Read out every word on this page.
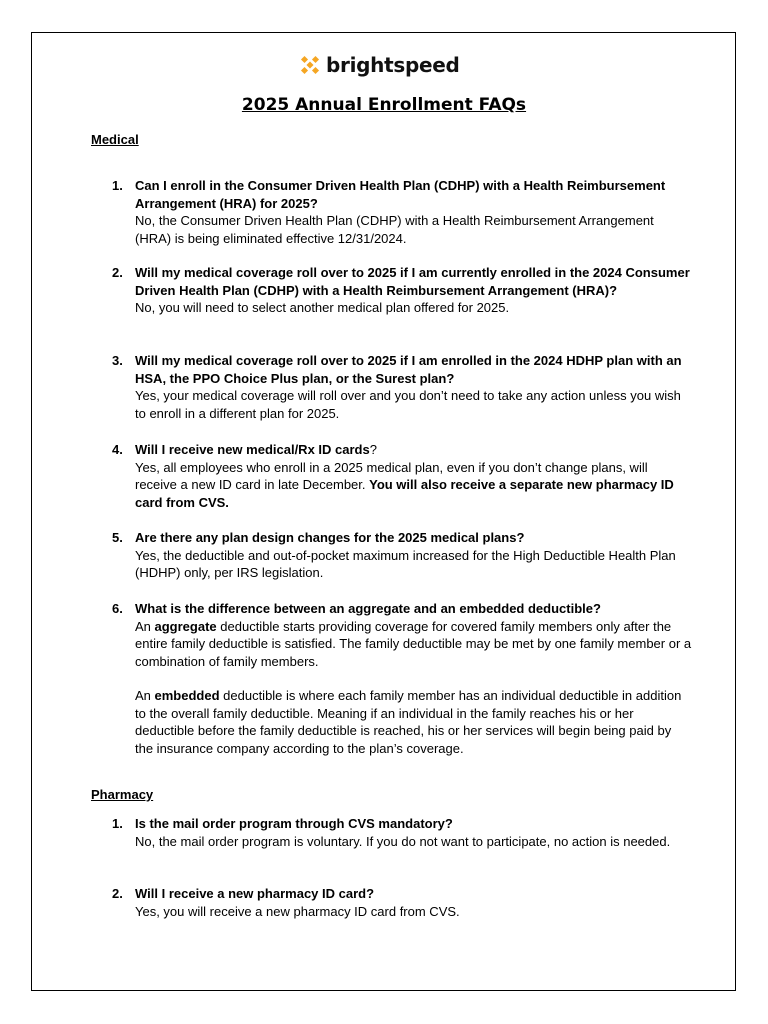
brightspeed
2025 Annual Enrollment FAQs
Medical
1. Can I enroll in the Consumer Driven Health Plan (CDHP) with a Health Reimbursement Arrangement (HRA) for 2025?
No, the Consumer Driven Health Plan (CDHP) with a Health Reimbursement Arrangement (HRA) is being eliminated effective 12/31/2024.
2. Will my medical coverage roll over to 2025 if I am currently enrolled in the 2024 Consumer Driven Health Plan (CDHP) with a Health Reimbursement Arrangement (HRA)?
No, you will need to select another medical plan offered for 2025.
3. Will my medical coverage roll over to 2025 if I am enrolled in the 2024 HDHP plan with an HSA, the PPO Choice Plus plan, or the Surest plan?
Yes, your medical coverage will roll over and you don’t need to take any action unless you wish to enroll in a different plan for 2025.
4. Will I receive new medical/Rx ID cards?
Yes, all employees who enroll in a 2025 medical plan, even if you don’t change plans, will receive a new ID card in late December. You will also receive a separate new pharmacy ID card from CVS.
5. Are there any plan design changes for the 2025 medical plans?
Yes, the deductible and out-of-pocket maximum increased for the High Deductible Health Plan (HDHP) only, per IRS legislation.
6. What is the difference between an aggregate and an embedded deductible?
An aggregate deductible starts providing coverage for covered family members only after the entire family deductible is satisfied. The family deductible may be met by one family member or a combination of family members.
An embedded deductible is where each family member has an individual deductible in addition to the overall family deductible. Meaning if an individual in the family reaches his or her deductible before the family deductible is reached, his or her services will begin being paid by the insurance company according to the plan’s coverage.
Pharmacy
1. Is the mail order program through CVS mandatory?
No, the mail order program is voluntary. If you do not want to participate, no action is needed.
2. Will I receive a new pharmacy ID card?
Yes, you will receive a new pharmacy ID card from CVS.
